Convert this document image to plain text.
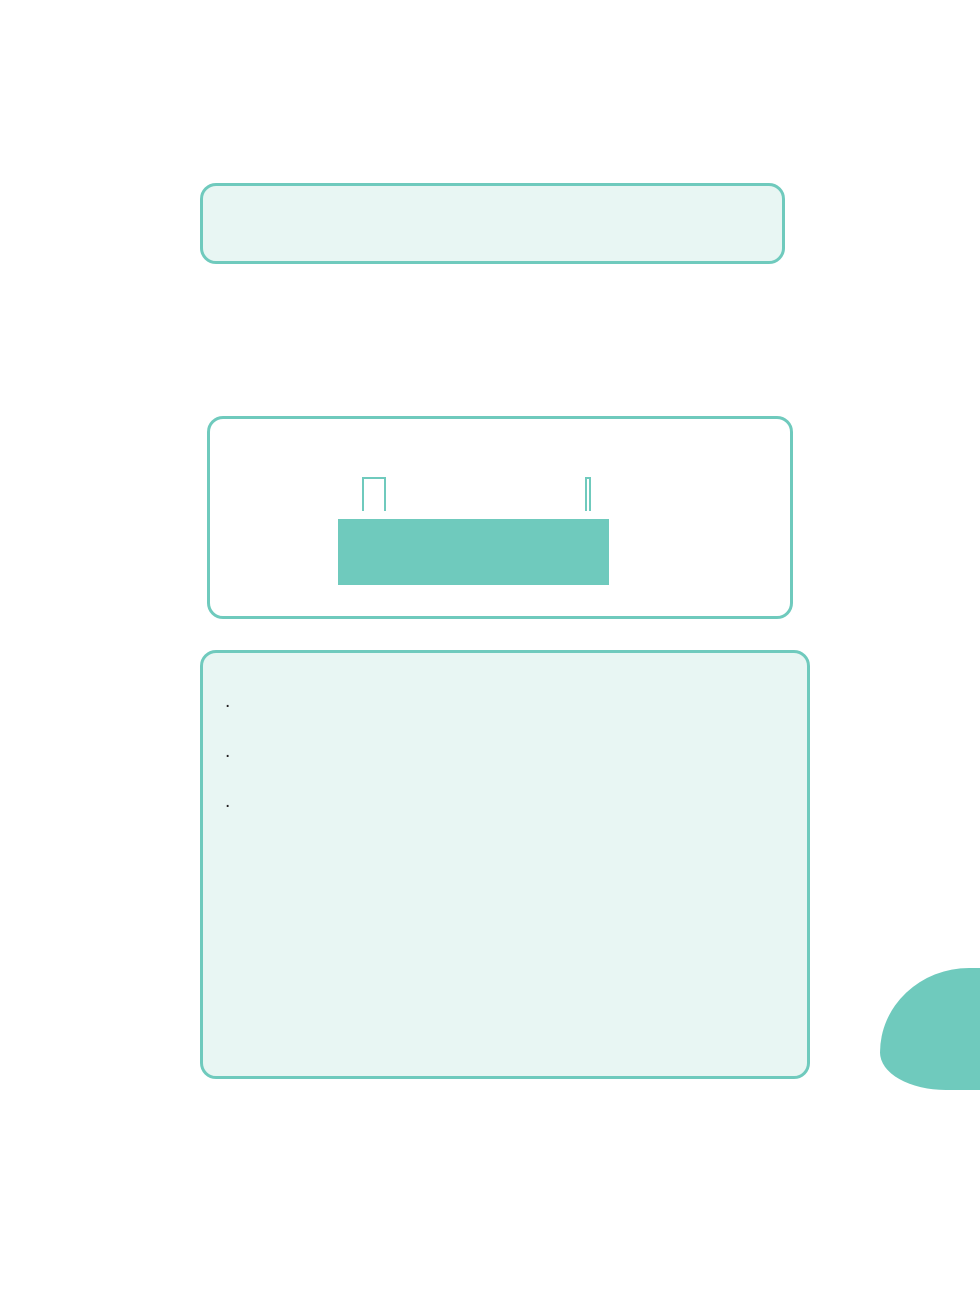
.

.

.
